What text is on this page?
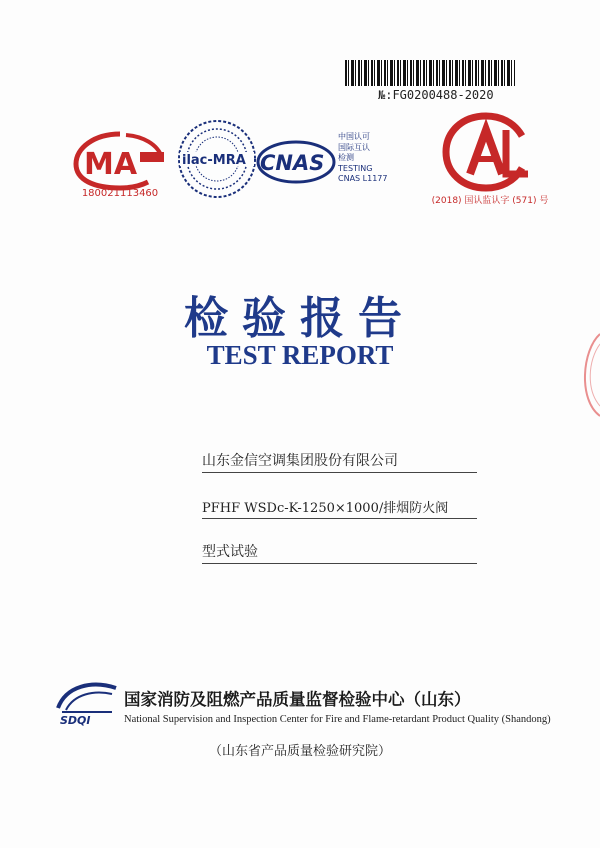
№:FG0200488-2020
MA
180021113460
ilac-MRA CNAS
中国认可
国际互认
检测
TESTING
CNAS L1177
(2018) 国认监认字 (571) 号
检验报告
TEST REPORT
山东金信空调集团股份有限公司
PFHF WSDc-K-1250×1000/排烟防火阀
型式试验
SDQI
国家消防及阻燃产品质量监督检验中心（山东）
National Supervision and Inspection Center for Fire and Flame-retardant Product Quality (Shandong)
（山东省产品质量检验研究院）
